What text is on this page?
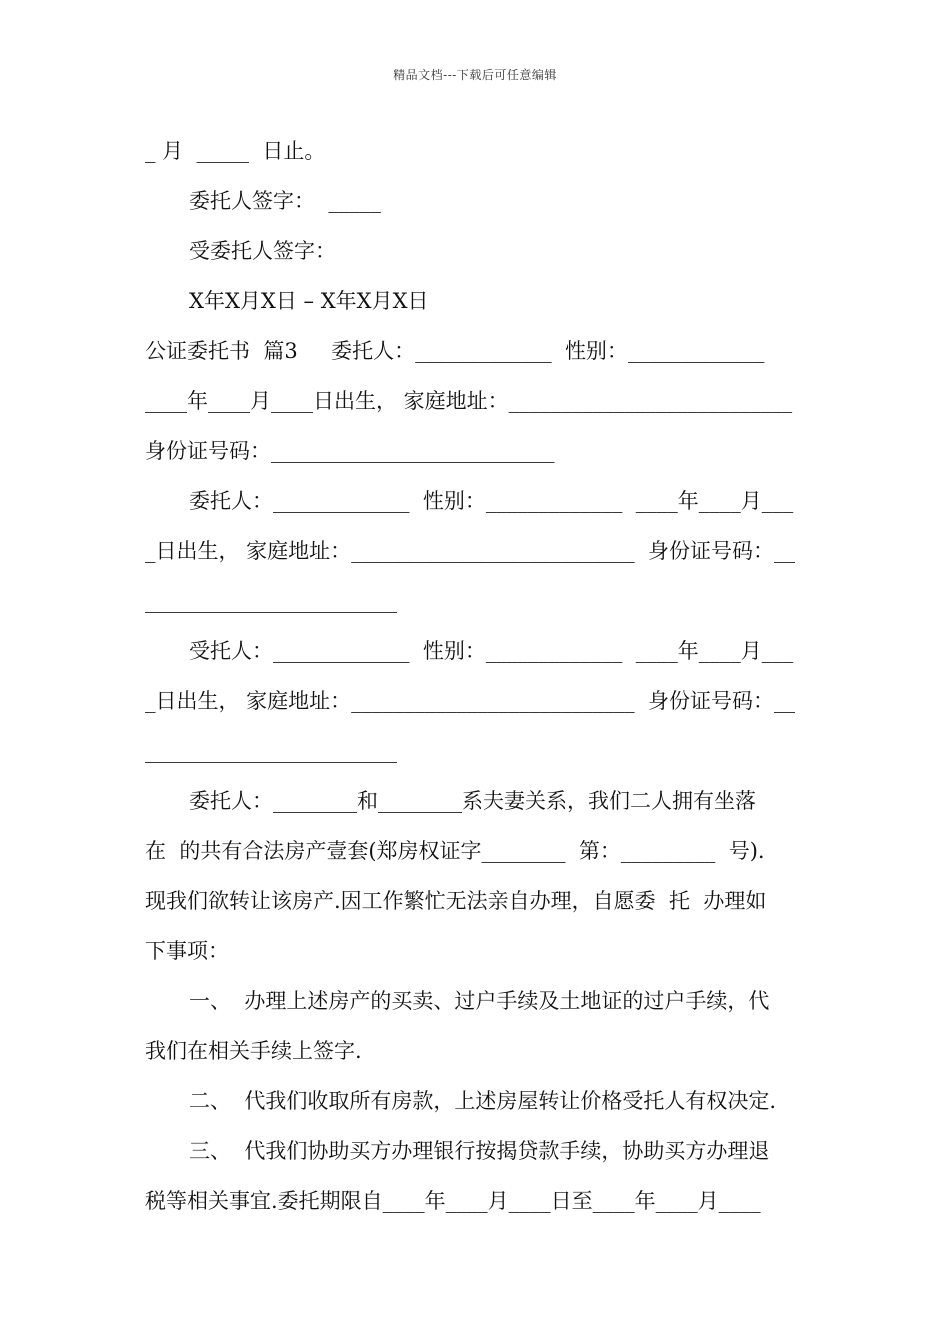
精品文档---下载后可任意编辑
_ 月  _____  日止。
委托人签字：  _____
受委托人签字：
X年X月X日 – X年X月X日
公证委托书  篇3     委托人：_____________  性别：_____________
____年____月____日出生， 家庭地址：___________________________
身份证号码：___________________________
委托人：_____________  性别：_____________  ____年____月___
_日出生， 家庭地址：___________________________  身份证号码：__
________________________
受托人：_____________  性别：_____________  ____年____月___
_日出生， 家庭地址：___________________________  身份证号码：__
________________________
委托人：________和________系夫妻关系，我们二人拥有坐落
在  的共有合法房产壹套(郑房权证字________  第：_________  号).
现我们欲转让该房产.因工作繁忙无法亲自办理，自愿委  托  办理如
下事项：
一、  办理上述房产的买卖、过户手续及土地证的过户手续，代
我们在相关手续上签字.
二、  代我们收取所有房款，上述房屋转让价格受托人有权决定.
三、  代我们协助买方办理银行按揭贷款手续，协助买方办理退
税等相关事宜.委托期限自____年____月____日至____年____月____
